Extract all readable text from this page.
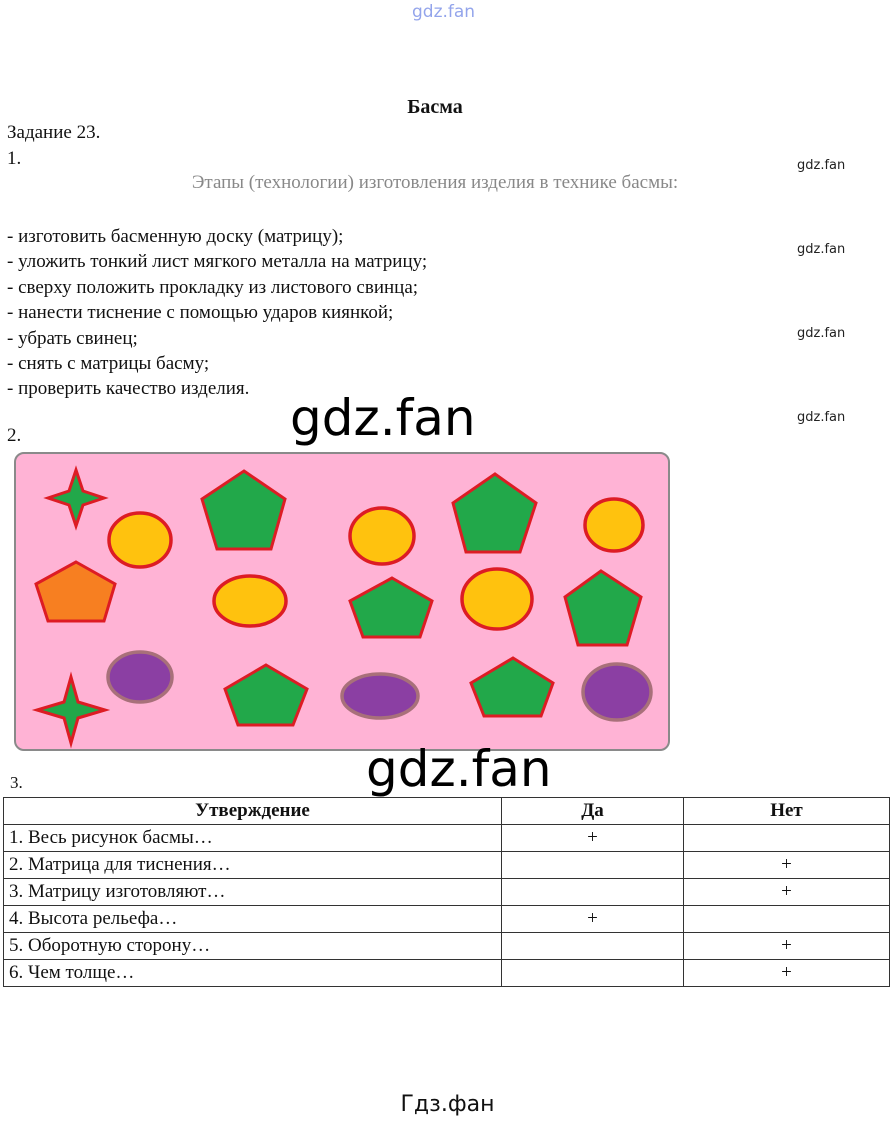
gdz.fan
gdz.fan
gdz.fan
gdz.fan
gdz.fan
Басма
Задание 23.
1.
Этапы (технологии) изготовления изделия в технике басмы:
- изготовить басменную доску (матрицу);
- уложить тонкий лист мягкого металла на матрицу;
- сверху положить прокладку из листового свинца;
- нанести тиснение с помощью ударов киянкой;
- убрать свинец;
- снять с матрицы басму;
- проверить качество изделия.
gdz.fan
2.
gdz.fan
3.
Утверждение	Да	Нет
1. Весь рисунок басмы…	+	
2. Матрица для тиснения…		+
3. Матрицу изготовляют…		+
4. Высота рельефа…	+	
5. Оборотную сторону…		+
6. Чем толще…		+
Гдз.фан
